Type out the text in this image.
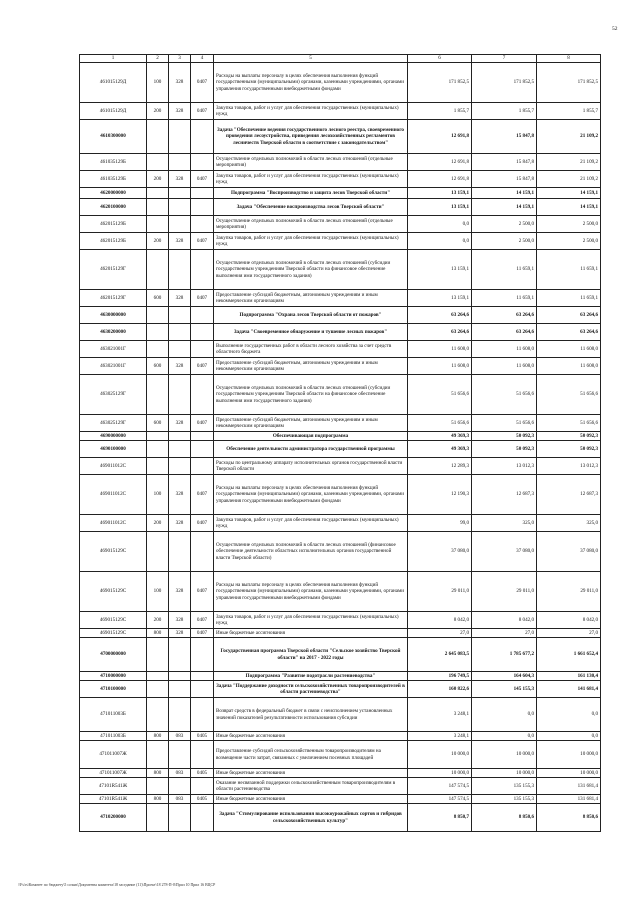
52
1	2	3	4	5	6	7	8
461015129Д	100	328	0407	Расходы на выплаты персоналу в целях обеспечения выполнения функций государственными (муниципальными) органами, казенными учреждениями, органами управления государственными внебюджетными фондами	171 852,5	171 852,5	171 852,5
461015129Д	200	328	0407	Закупка товаров, работ и услуг для обеспечения государственных (муниципальных) нужд	1 855,7	1 855,7	1 855,7
4610300000				Задача "Обеспечение ведения государственного лесного реестра, своевременного проведения лесоустройства, приведения лесохозяйственных регламентов лесничеств Тверской области в соответствие с законодательством"	12 691,8	15 847,8	21 109,2
461035129Б				Осуществление отдельных полномочий в области лесных отношений (отдельные мероприятия)	12 691,8	15 847,8	21 109,2
461035129Б	200	328	0407	Закупка товаров, работ и услуг для обеспечения государственных (муниципальных) нужд	12 691,8	15 847,8	21 109,2
4620000000				Подпрограмма "Воспроизводство и защита лесов Тверской области"	13 159,1	14 159,1	14 159,1
4620100000				Задача "Обеспечение воспроизводства лесов Тверской области"	13 159,1	14 159,1	14 159,1
462015129Б				Осуществление отдельных полномочий в области лесных отношений (отдельные мероприятия)	0,0	2 500,0	2 500,0
462015129Б	200	328	0407	Закупка товаров, работ и услуг для обеспечения государственных (муниципальных) нужд	0,0	2 500,0	2 500,0
462015129Г				Осуществление отдельных полномочий в области лесных отношений (субсидии государственным учреждениям Тверской области на финансовое обеспечение выполнения ими государственного задания)	13 159,1	11 659,1	11 659,1
462015129Г	600	328	0407	Предоставление субсидий бюджетным, автономным учреждениям и иным некоммерческим организациям	13 159,1	11 659,1	11 659,1
4630000000				Подпрограмма "Охрана лесов Тверской области от пожаров"	63 264,6	63 264,6	63 264,6
4630200000				Задача "Своевременное обнаружение и тушение лесных пожаров"	63 264,6	63 264,6	63 264,6
463021001Г				Выполнение государственных работ в области лесного хозяйства за счет средств областного бюджета	11 608,0	11 608,0	11 608,0
463021001Г	600	328	0407	Предоставление субсидий бюджетным, автономным учреждениям и иным некоммерческим организациям	11 608,0	11 608,0	11 608,0
463025129Г				Осуществление отдельных полномочий в области лесных отношений (субсидии государственным учреждениям Тверской области на финансовое обеспечение выполнения ими государственного задания)	51 656,6	51 656,6	51 656,6
463025129Г	600	328	0407	Предоставление субсидий бюджетным, автономным учреждениям и иным некоммерческим организациям	51 656,6	51 656,6	51 656,6
4690000000				Обеспечивающая подпрограмма	49 369,3	50 092,3	50 092,3
4690100000				Обеспечение деятельности администратора государственной программы	49 369,3	50 092,3	50 092,3
469011012С				Расходы по центральному аппарату исполнительных органов государственной власти Тверской области	12 289,3	13 012,3	13 012,3
469011012С	100	328	0407	Расходы на выплаты персоналу в целях обеспечения выполнения функций государственными (муниципальными) органами, казенными учреждениями, органами управления государственными внебюджетными фондами	12 190,3	12 687,3	12 687,3
469011012С	200	328	0407	Закупка товаров, работ и услуг для обеспечения государственных (муниципальных) нужд	99,0	325,0	325,0
469015129С				Осуществление отдельных полномочий в области лесных отношений (финансовое обеспечение деятельности областных исполнительных органов государственной власти Тверской области)	37 080,0	37 080,0	37 080,0
469015129С	100	328	0407	Расходы на выплаты персоналу в целях обеспечения выполнения функций государственными (муниципальными) органами, казенными учреждениями, органами управления государственными внебюджетными фондами	29 011,0	29 011,0	29 011,0
469015129С	200	328	0407	Закупка товаров, работ и услуг для обеспечения государственных (муниципальных) нужд	8 042,0	8 042,0	8 042,0
469015129С	800	328	0407	Иные бюджетные ассигнования	27,0	27,0	27,0
4700000000				Государственная программа Тверской области "Сельское хозяйство Тверской области" на 2017 - 2022 годы	2 645 083,5	1 785 677,2	1 661 652,4
4710000000				Подпрограмма "Развитие подотрасли растениеводства"	196 749,5	164 604,3	161 130,4
4710100000				Задача "Поддержание доходности сельскохозяйственных товаропроизводителей в области растениеводства"	160 822,6	145 155,3	141 681,4
471011003Б				Возврат средств в федеральный бюджет в связи с неисполнением установленных значений показателей результативности использования субсидии	3 248,1	0,0	0,0
471011003Б	800	083	0405	Иные бюджетные ассигнования	3 248,1	0,0	0,0
471011007Ж				Предоставление субсидий сельскохозяйственным товаропроизводителям на возмещение части затрат, связанных с увеличением посевных площадей	10 000,0	10 000,0	10 000,0
471011007Ж	800	083	0405	Иные бюджетные ассигнования	10 000,0	10 000,0	10 000,0
47101R541Ж				Оказание несвязанной поддержки сельскохозяйственным товаропроизводителям в области растениеводства	147 574,5	135 155,3	131 681,4
47101R541Ж	800	083	0405	Иные бюджетные ассигнования	147 574,5	135 155,3	131 681,4
4710200000				Задача "Стимулирование использования высокоурожайных сортов и гибридов сельскохозяйственных культур"	8 850,7	8 850,6	8 850,6
\\Fs\rs\Комитет по бюджету\5 созыв\Документы комитета\18 заседание (11)\Проект\18 278-П-0\Прил 10 Прил 16 ВЦСР
